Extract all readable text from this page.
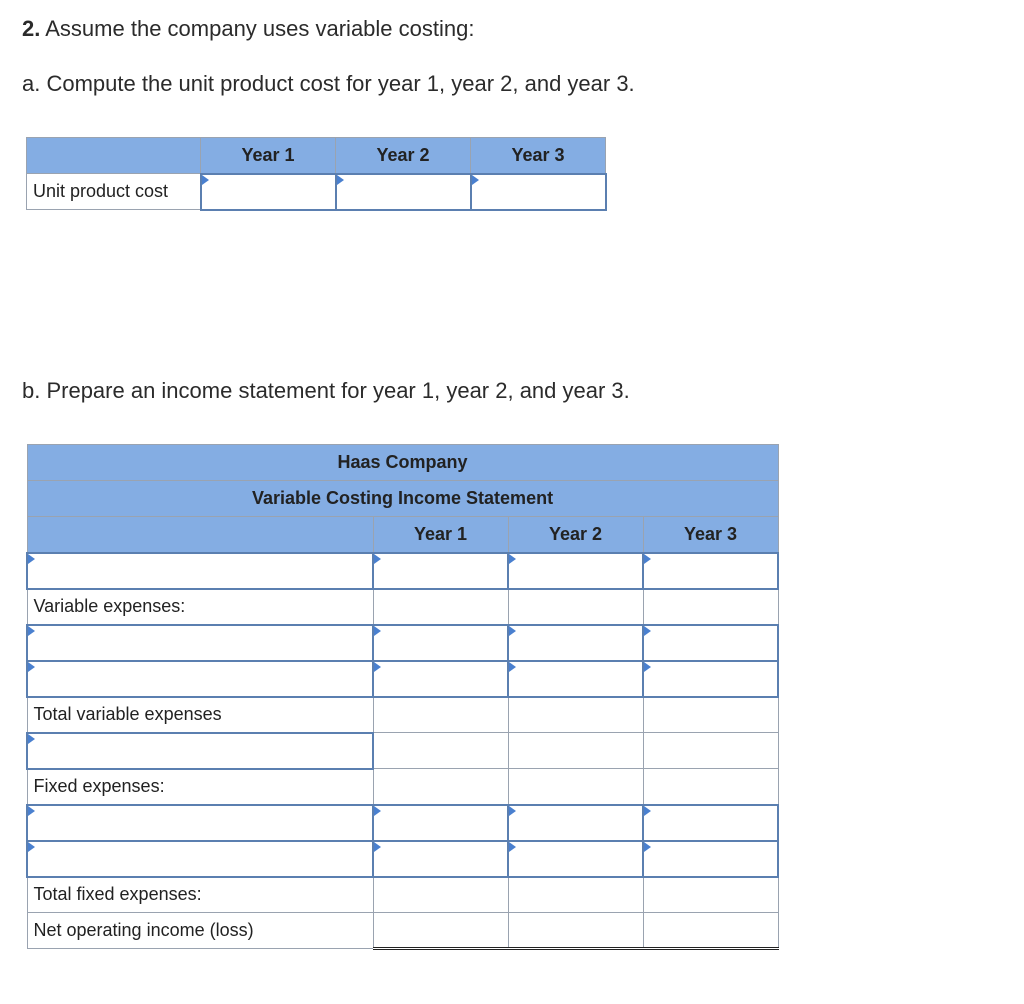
2. Assume the company uses variable costing:
a. Compute the unit product cost for year 1, year 2, and year 3.
	Year 1	Year 2	Year 3
Unit product cost			
b. Prepare an income statement for year 1, year 2, and year 3.
Haas Company			
Variable Costing Income Statement			
	Year 1	Year 2	Year 3

Variable expenses:			

Total variable expenses			

Fixed expenses:			

Total fixed expenses:			
Net operating income (loss)			
